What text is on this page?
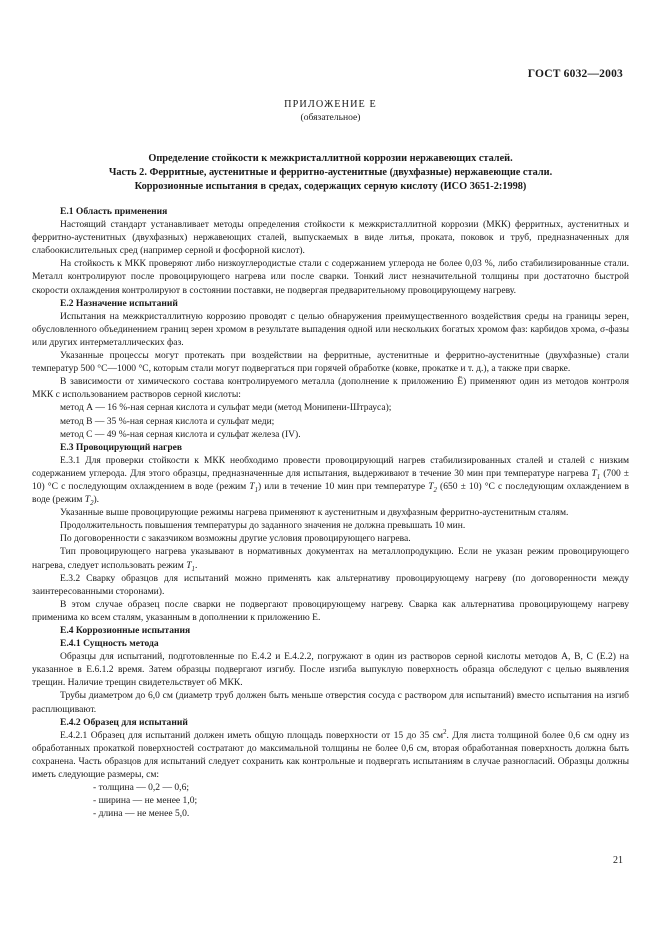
ГОСТ 6032—2003
ПРИЛОЖЕНИЕ Е
(обязательное)
Определение стойкости к межкристаллитной коррозии нержавеющих сталей.
Часть 2. Ферритные, аустенитные и ферритно-аустенитные (двухфазные) нержавеющие стали.
Коррозионные испытания в средах, содержащих серную кислоту (ИСО 3651-2:1998)
Е.1 Область применения

Настоящий стандарт устанавливает методы определения стойкости к межкристаллитной коррозии (МКК) ферритных, аустенитных и ферритно-аустенитных (двухфазных) нержавеющих сталей, выпускаемых в виде литья, проката, поковок и труб, предназначенных для слабоокислительных сред (например серной и фосфорной кислот).

На стойкость к МКК проверяют либо низкоуглеродистые стали с содержанием углерода не более 0,03 %, либо стабилизированные стали. Металл контролируют после провоцирующего нагрева или после сварки. Тонкий лист незначительной толщины при достаточно быстрой скорости охлаждения контролируют в состоянии поставки, не подвергая предварительному провоцирующему нагреву.

Е.2 Назначение испытаний

Испытания на межкристаллитную коррозию проводят с целью обнаружения преимущественного воздействия среды на границы зерен, обусловленного объединением границ зерен хромом в результате выпадения одной или нескольких богатых хромом фаз: карбидов хрома, σ-фазы или других интерметаллических фаз.

Указанные процессы могут протекать при воздействии на ферритные, аустенитные и ферритно-аустенитные (двухфазные) стали температур 500 °C—1000 °C, которым стали могут подвергаться при горячей обработке (ковке, прокатке и т. д.), а также при сварке.

В зависимости от химического состава контролируемого металла (дополнение к приложению Ё) применяют один из методов контроля МКК с использованием растворов серной кислоты:

метод А — 16 %-ная серная кислота и сульфат меди (метод Монипени-Штрауса);

метод В — 35 %-ная серная кислота и сульфат меди;

метод С — 49 %-ная серная кислота и сульфат железа (IV).

Е.3 Провоцирующий нагрев

Е.3.1 Для проверки стойкости к МКК необходимо провести провоцирующий нагрев стабилизированных сталей и сталей с низким содержанием углерода. Для этого образцы, предназначенные для испытания, выдерживают в течение 30 мин при температуре нагрева $T_1$ (700 ± 10) °C с последующим охлаждением в воде (режим $T_1$) или в течение 10 мин при температуре $T_2$ (650 ± 10) °C с последующим охлаждением в воде (режим $T_2$).

Указанные выше провоцирующие режимы нагрева применяют к аустенитным и двухфазным ферритно-аустенитным сталям.

Продолжительность повышения температуры до заданного значения не должна превышать 10 мин.

По договоренности с заказчиком возможны другие условия провоцирующего нагрева.

Тип провоцирующего нагрева указывают в нормативных документах на металлопродукцию. Если не указан режим провоцирующего нагрева, следует использовать режим $T_1$.

Е.3.2 Сварку образцов для испытаний можно применять как альтернативу провоцирующему нагреву (по договоренности между заинтересованными сторонами).

В этом случае образец после сварки не подвергают провоцирующему нагреву. Сварка как альтернатива провоцирующему нагреву применима ко всем сталям, указанным в дополнении к приложению Е.

Е.4 Коррозионные испытания
Е.4.1 Сущность метода

Образцы для испытаний, подготовленные по Е.4.2 и Е.4.2.2, погружают в один из растворов серной кислоты методов А, В, С (Е.2) на указанное в Е.6.1.2 время. Затем образцы подвергают изгибу. После изгиба выпуклую поверхность образца обследуют с целью выявления трещин. Наличие трещин свидетельствует об МКК.

Трубы диаметром до 6,0 см (диаметр труб должен быть меньше отверстия сосуда с раствором для испытаний) вместо испытания на изгиб расплющивают.

Е.4.2 Образец для испытаний

Е.4.2.1 Образец для испытаний должен иметь общую площадь поверхности от 15 до 35 $см^2$. Для листа толщиной более 0,6 см одну из обработанных прокаткой поверхностей состратают до максимальной толщины не более 0,6 см, вторая обработанная поверхность должна быть сохранена. Часть образцов для испытаний следует сохранить как контрольные и подвергать испытаниям в случае разногласий. Образцы должны иметь следующие размеры, см:

- толщина — 0,2 — 0,6;

- ширина — не менее 1,0;

- длина — не менее 5,0.

21
